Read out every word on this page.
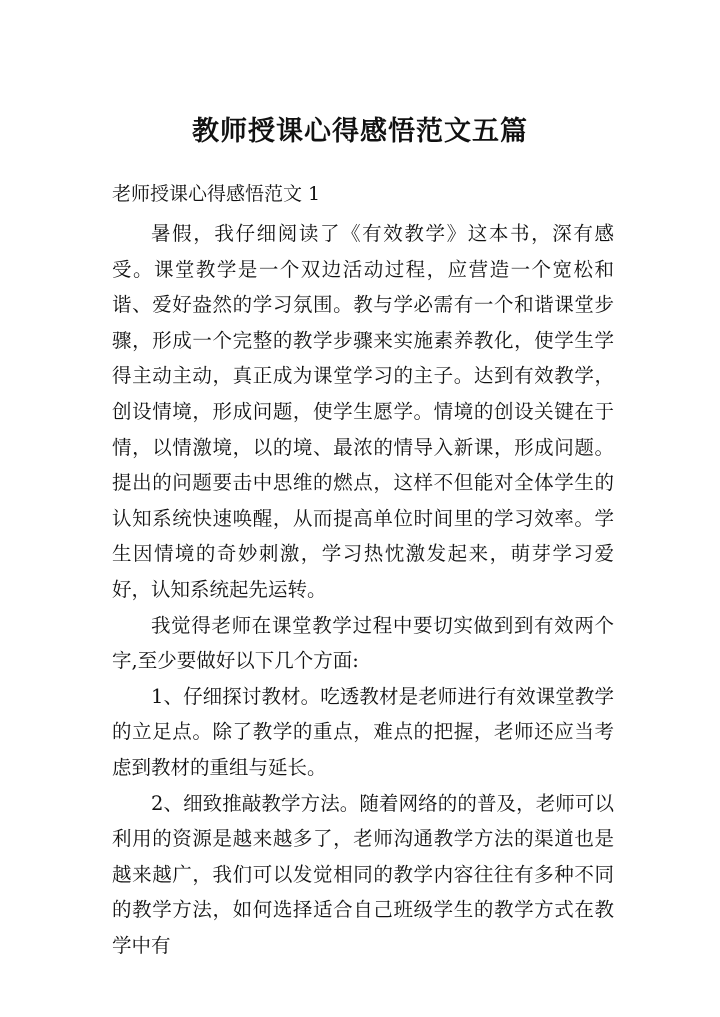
教师授课心得感悟范文五篇
老师授课心得感悟范文 1

暑假，我仔细阅读了《有效教学》这本书，深有感受。课堂教学是一个双边活动过程，应营造一个宽松和谐、爱好盎然的学习氛围。教与学必需有一个和谐课堂步骤，形成一个完整的教学步骤来实施素养教化，使学生学得主动主动，真正成为课堂学习的主子。达到有效教学，创设情境，形成问题，使学生愿学。情境的创设关键在于情，以情激境，以的境、最浓的情导入新课，形成问题。提出的问题要击中思维的燃点，这样不但能对全体学生的认知系统快速唤醒，从而提高单位时间里的学习效率。学生因情境的奇妙刺激，学习热忱激发起来，萌芽学习爱好，认知系统起先运转。

我觉得老师在课堂教学过程中要切实做到到有效两个字,至少要做好以下几个方面:

1、仔细探讨教材。吃透教材是老师进行有效课堂教学的立足点。除了教学的重点，难点的把握，老师还应当考虑到教材的重组与延长。

2、细致推敲教学方法。随着网络的的普及，老师可以利用的资源是越来越多了，老师沟通教学方法的渠道也是越来越广，我们可以发觉相同的教学内容往往有多种不同的教学方法，如何选择适合自己班级学生的教学方式在教学中有
